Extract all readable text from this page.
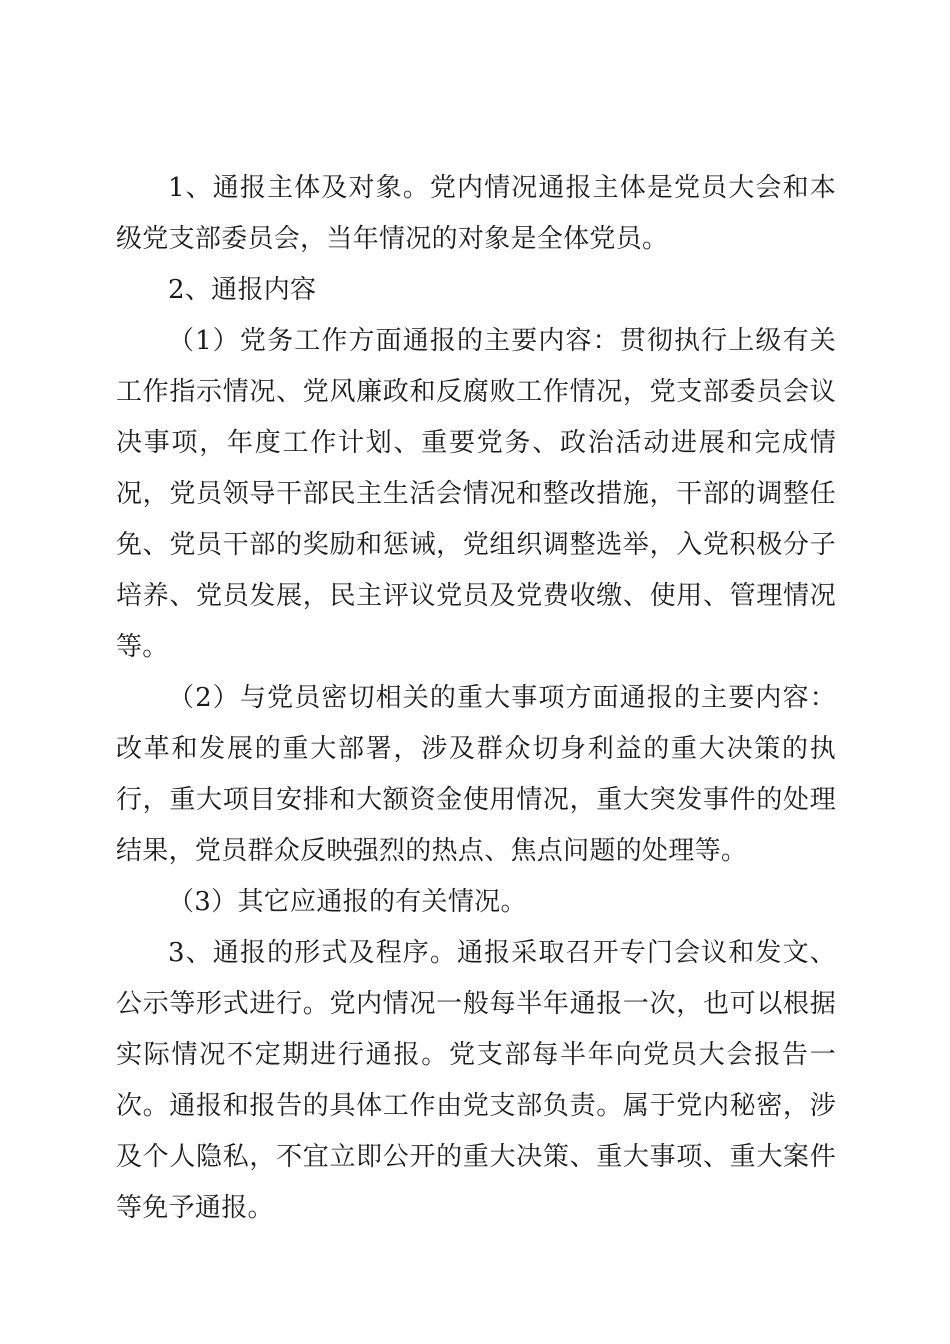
1、通报主体及对象。党内情况通报主体是党员大会和本级党支部委员会，当年情况的对象是全体党员。

2、通报内容

（1）党务工作方面通报的主要内容：贯彻执行上级有关工作指示情况、党风廉政和反腐败工作情况，党支部委员会议决事项，年度工作计划、重要党务、政治活动进展和完成情况，党员领导干部民主生活会情况和整改措施，干部的调整任免、党员干部的奖励和惩诫，党组织调整选举，入党积极分子培养、党员发展，民主评议党员及党费收缴、使用、管理情况等。

（2）与党员密切相关的重大事项方面通报的主要内容：改革和发展的重大部署，涉及群众切身利益的重大决策的执行，重大项目安排和大额资金使用情况，重大突发事件的处理结果，党员群众反映强烈的热点、焦点问题的处理等。

（3）其它应通报的有关情况。

3、通报的形式及程序。通报采取召开专门会议和发文、公示等形式进行。党内情况一般每半年通报一次，也可以根据实际情况不定期进行通报。党支部每半年向党员大会报告一次。通报和报告的具体工作由党支部负责。属于党内秘密，涉及个人隐私，不宜立即公开的重大决策、重大事项、重大案件等免予通报。
